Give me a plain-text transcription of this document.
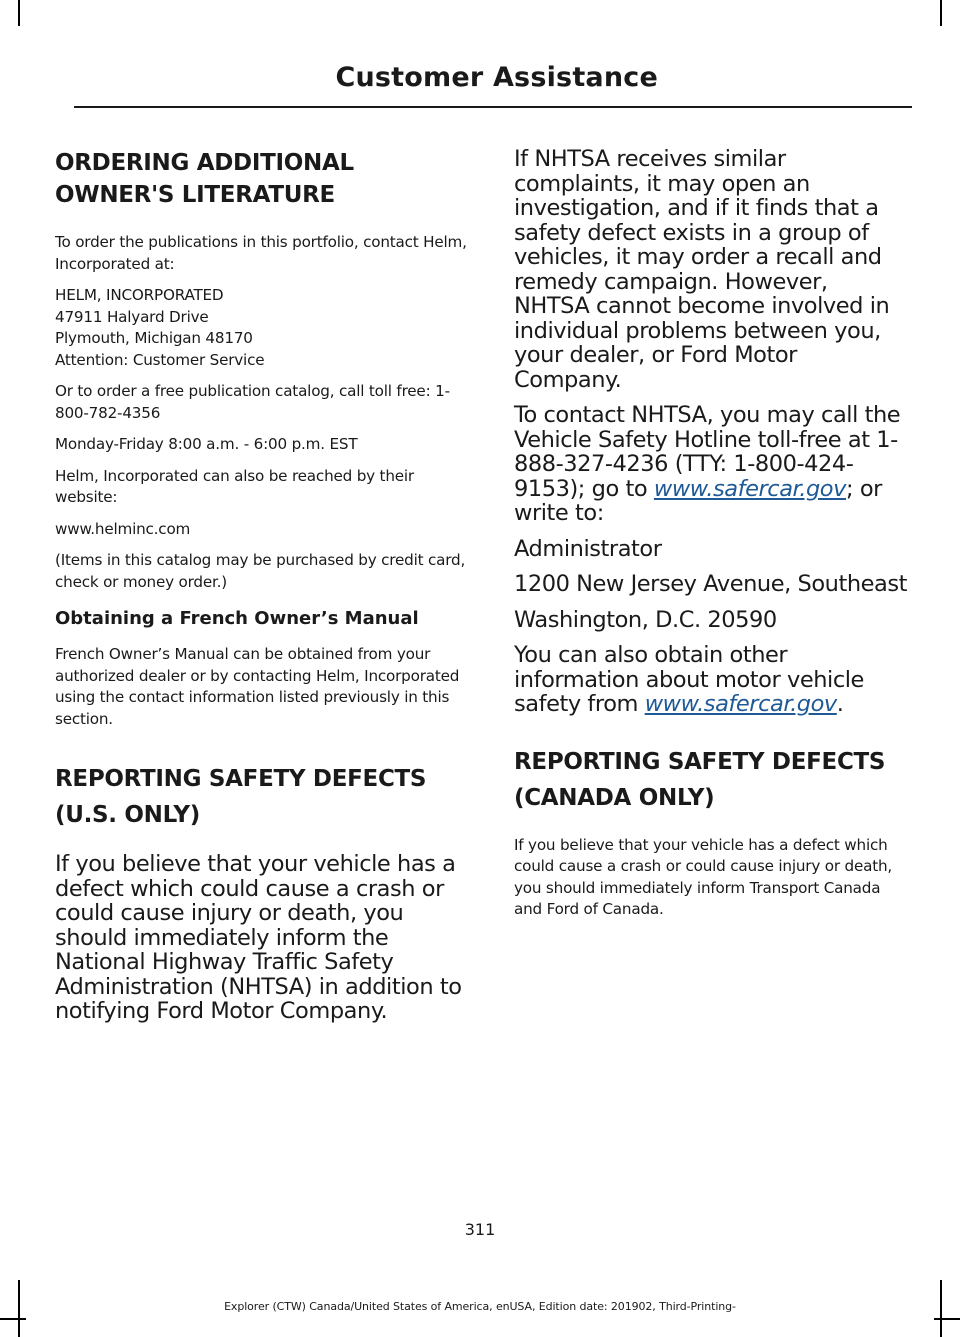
Customer Assistance
ORDERING ADDITIONAL
OWNER'S LITERATURE

To order the publications in this portfolio, contact Helm, Incorporated at:

HELM, INCORPORATED
47911 Halyard Drive
Plymouth, Michigan 48170
Attention: Customer Service

Or to order a free publication catalog, call toll free: 1-800-782-4356

Monday-Friday 8:00 a.m. - 6:00 p.m. EST

Helm, Incorporated can also be reached by their website:

www.helminc.com

(Items in this catalog may be purchased by credit card, check or money order.)

Obtaining a French Owner’s Manual

French Owner’s Manual can be obtained from your authorized dealer or by contacting Helm, Incorporated using the contact information listed previously in this section.

REPORTING SAFETY DEFECTS
(U.S. ONLY)

If you believe that your vehicle has a defect which could cause a crash or could cause injury or death, you should immediately inform the National Highway Traffic Safety Administration (NHTSA) in addition to notifying Ford Motor Company.

If NHTSA receives similar complaints, it may open an investigation, and if it finds that a safety defect exists in a group of vehicles, it may order a recall and remedy campaign. However, NHTSA cannot become involved in individual problems between you, your dealer, or Ford Motor Company.

To contact NHTSA, you may call the Vehicle Safety Hotline toll-free at 1-888-327-4236 (TTY: 1-800-424-9153); go to www.safercar.gov; or write to:

Administrator

1200 New Jersey Avenue, Southeast

Washington, D.C. 20590

You can also obtain other information about motor vehicle safety from www.safercar.gov.

REPORTING SAFETY DEFECTS
(CANADA ONLY)

If you believe that your vehicle has a defect which could cause a crash or could cause injury or death, you should immediately inform Transport Canada and Ford of Canada.

311
Explorer (CTW) Canada/United States of America, enUSA, Edition date: 201902, Third-Printing-
